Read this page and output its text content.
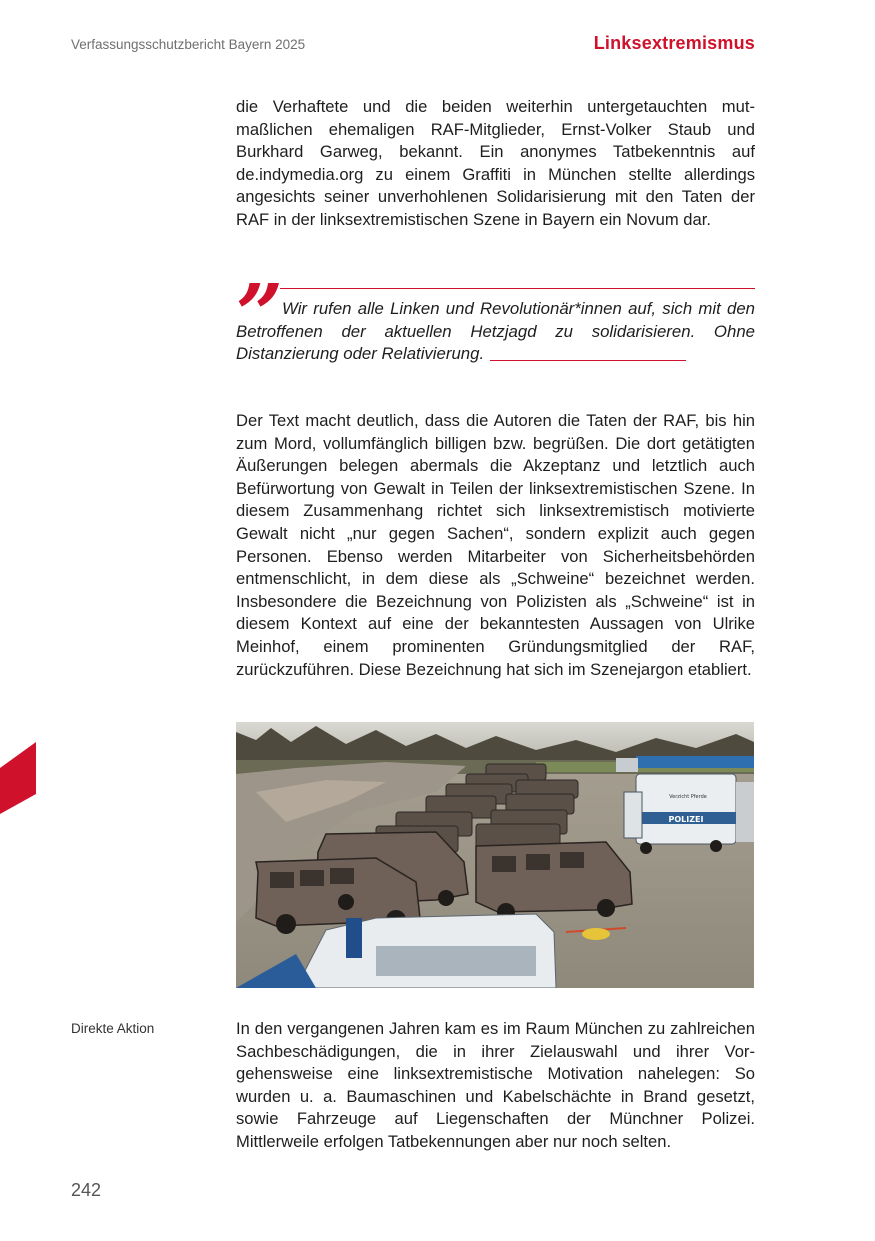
Verfassungsschutzbericht Bayern 2025	Linksextremismus

die Verhaftete und die beiden weiterhin untergetauchten mutmaßlichen ehemaligen RAF-Mitglieder, Ernst-Volker Staub und Burkhard Garweg, bekannt. Ein anonymes Tatbekenntnis auf de.indymedia.org zu einem Graffiti in München stellte allerdings angesichts seiner unverhohlenen Solidarisierung mit den Taten der RAF in der linksextremistischen Szene in Bayern ein Novum dar.

”
Wir rufen alle Linken und Revolutionär*innen auf, sich mit den Betroffenen der aktuellen Hetzjagd zu solidarisieren. Ohne Distanzierung oder Relativierung.

Der Text macht deutlich, dass die Autoren die Taten der RAF, bis hin zum Mord, vollumfänglich billigen bzw. begrüßen. Die dort getätigten Äußerungen belegen abermals die Akzeptanz und letztlich auch Befürwortung von Gewalt in Teilen der linksextremistischen Szene. In diesem Zusammenhang richtet sich linksextremistisch motivierte Gewalt nicht „nur gegen Sachen“, sondern explizit auch gegen Personen. Ebenso werden Mitarbeiter von Sicherheitsbehörden entmenschlicht, in dem diese als „Schweine“ bezeichnet werden. Insbesondere die Bezeichnung von Polizisten als „Schweine“ ist in diesem Kontext auf eine der bekanntesten Aussagen von Ulrike Meinhof, einem prominenten Gründungsmitglied der RAF, zurückzuführen. Diese Bezeichnung hat sich im Szenejargon etabliert.

Verzicht Pferde
POLIZEI
Direkte Aktion	In den vergangenen Jahren kam es im Raum München zu zahlreichen Sachbeschädigungen, die in ihrer Zielauswahl und ihrer Vorgehensweise eine linksextremistische Motivation nahelegen: So wurden u. a. Baumaschinen und Kabelschächte in Brand gesetzt, sowie Fahrzeuge auf Liegenschaften der Münchner Polizei. Mittlerweile erfolgen Tatbekennungen aber nur noch selten.

242
